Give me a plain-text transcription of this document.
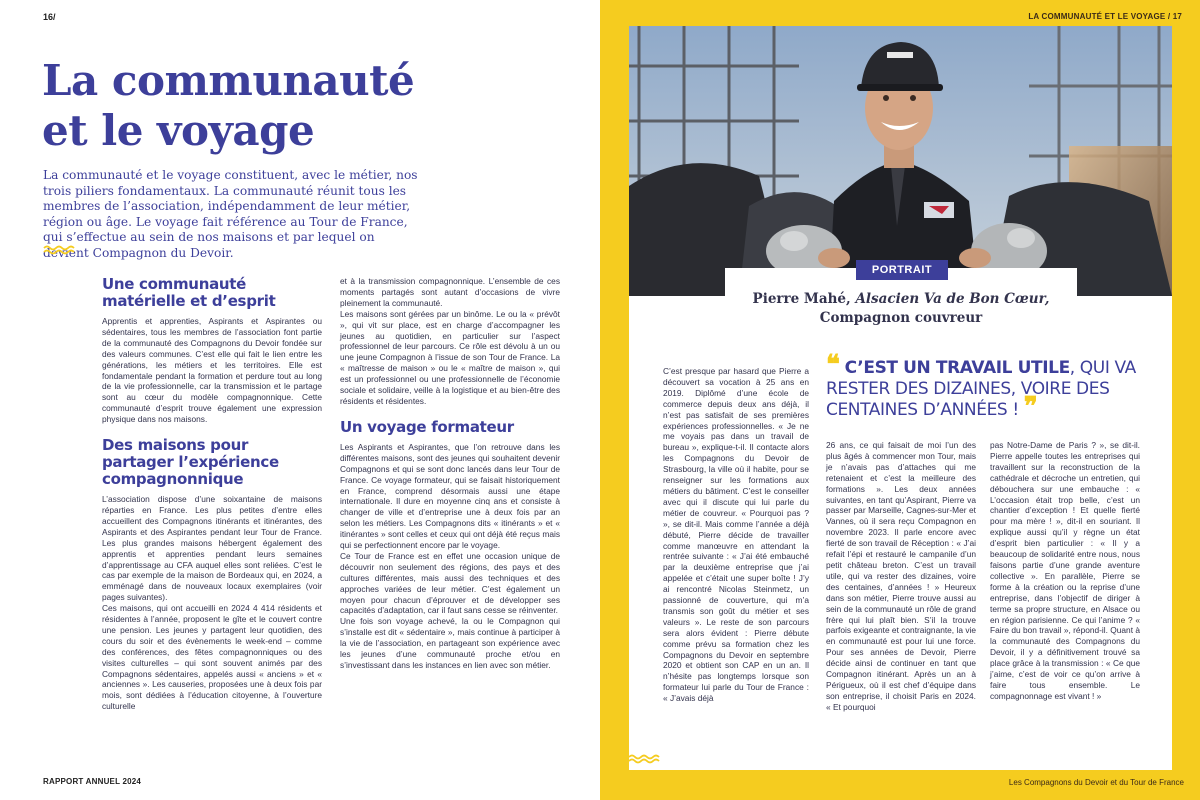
16/
La communauté
et le voyage

La communauté et le voyage constituent, avec le métier, nos trois piliers fondamentaux. La communauté réunit tous les membres de l’association, indépendamment de leur métier, région ou âge. Le voyage fait référence au Tour de France, qui s’effectue au sein de nos maisons et par lequel on devient Compagnon du Devoir.

Une communauté matérielle et d’esprit

Apprentis et apprenties, Aspirants et Aspirantes ou sédentaires, tous les membres de l’association font partie de la communauté des Compagnons du Devoir fondée sur des valeurs communes. C’est elle qui fait le lien entre les générations, les métiers et les territoires. Elle est fondamentale pendant la formation et perdure tout au long de la vie professionnelle, car la transmission et le partage sont au cœur du modèle compagnonnique. Cette communauté d’esprit trouve également une expression physique dans nos maisons.

Des maisons pour partager l’expérience compagnonnique

L’association dispose d’une soixantaine de maisons réparties en France. Les plus petites d’entre elles accueillent des Compagnons itinérants et itinérantes, des Aspirants et des Aspirantes pendant leur Tour de France. Les plus grandes maisons hébergent également des apprentis et apprenties pendant leurs semaines d’apprentissage au CFA auquel elles sont reliées. C’est le cas par exemple de la maison de Bordeaux qui, en 2024, a emménagé dans de nouveaux locaux exemplaires (voir pages suivantes).

Ces maisons, qui ont accueilli en 2024 4 414 résidents et résidentes à l’année, proposent le gîte et le couvert contre une pension. Les jeunes y partagent leur quotidien, des cours du soir et des évènements le week-end – comme des conférences, des fêtes compagnonniques ou des visites culturelles – qui sont souvent animés par des Compagnons sédentaires, appelés aussi « anciens » et « anciennes ». Les causeries, proposées une à deux fois par mois, sont dédiées à l’éducation citoyenne, à l’ouverture culturelle

et à la transmission compagnonnique. L’ensemble de ces moments partagés sont autant d’occasions de vivre pleinement la communauté.

Les maisons sont gérées par un binôme. Le ou la « prévôt », qui vit sur place, est en charge d’accompagner les jeunes au quotidien, en particulier sur l’aspect professionnel de leur parcours. Ce rôle est dévolu à un ou une jeune Compagnon à l’issue de son Tour de France. La « maîtresse de maison » ou le « maître de maison », qui est un professionnel ou une professionnelle de l’économie sociale et solidaire, veille à la logistique et au bien-être des résidents et résidentes.

Un voyage formateur

Les Aspirants et Aspirantes, que l’on retrouve dans les différentes maisons, sont des jeunes qui souhaitent devenir Compagnons et qui se sont donc lancés dans leur Tour de France. Ce voyage formateur, qui se faisait historiquement en France, comprend désormais aussi une étape internationale. Il dure en moyenne cinq ans et consiste à changer de ville et d’entreprise une à deux fois par an selon les métiers. Les Compagnons dits « itinérants » et « itinérantes » sont celles et ceux qui ont déjà été reçus mais qui se perfectionnent encore par le voyage.

Ce Tour de France est en effet une occasion unique de découvrir non seulement des régions, des pays et des cultures différentes, mais aussi des techniques et des approches variées de leur métier. C’est également un moyen pour chacun d’éprouver et de développer ses capacités d’adaptation, car il faut sans cesse se réinventer.

Une fois son voyage achevé, la ou le Compagnon qui s’installe est dit « sédentaire », mais continue à participer à la vie de l’association, en partageant son expérience avec les jeunes d’une communauté proche et/ou en s’investissant dans les instances en lien avec son métier.

RAPPORT ANNUEL 2024
LA COMMUNAUTÉ ET LE VOYAGE / 17
Les Compagnons du Devoir et du Tour de France
PORTRAIT
Pierre Mahé, Alsacien Va de Bon Cœur,
Compagnon couvreur
❝ C’EST UN TRAVAIL UTILE, QUI VA RESTER DES DIZAINES, VOIRE DES CENTAINES D’ANNÉES ! ❞
C’est presque par hasard que Pierre a découvert sa vocation à 25 ans en 2019. Diplômé d’une école de commerce depuis deux ans déjà, il n’est pas satisfait de ses premières expériences professionnelles. « Je ne me voyais pas dans un travail de bureau », explique-t-il. Il contacte alors les Compagnons du Devoir de Strasbourg, la ville où il habite, pour se renseigner sur les formations aux métiers du bâtiment. C’est le conseiller avec qui il discute qui lui parle du métier de couvreur. « Pourquoi pas ? », se dit-il. Mais comme l’année a déjà débuté, Pierre décide de travailler comme manœuvre en attendant la rentrée suivante : « J’ai été embauché par la deuxième entreprise que j’ai appelée et c’était une super boîte ! J’y ai rencontré Nicolas Steinmetz, un passionné de couverture, qui m’a transmis son goût du métier et ses valeurs ». Le reste de son parcours sera alors évident : Pierre débute comme prévu sa formation chez les Compagnons du Devoir en septembre 2020 et obtient son CAP en un an. Il n’hésite pas longtemps lorsque son formateur lui parle du Tour de France : « J’avais déjà
26 ans, ce qui faisait de moi l’un des plus âgés à commencer mon Tour, mais je n’avais pas d’attaches qui me retenaient et c’est la meilleure des formations ». Les deux années suivantes, en tant qu’Aspirant, Pierre va passer par Marseille, Cagnes-sur-Mer et Vannes, où il sera reçu Compagnon en novembre 2023. Il parle encore avec fierté de son travail de Réception : « J’ai refait l’épi et restauré le campanile d’un petit château breton. C’est un travail utile, qui va rester des dizaines, voire des centaines, d’années ! » Heureux dans son métier, Pierre trouve aussi au sein de la communauté un rôle de grand frère qui lui plaît bien. S’il la trouve parfois exigeante et contraignante, la vie en communauté est pour lui une force. Pour ses années de Devoir, Pierre décide ainsi de continuer en tant que Compagnon itinérant. Après un an à Périgueux, où il est chef d’équipe dans son entreprise, il choisit Paris en 2024. « Et pourquoi
pas Notre-Dame de Paris ? », se dit-il. Pierre appelle toutes les entreprises qui travaillent sur la reconstruction de la cathédrale et décroche un entretien, qui débouchera sur une embauche : « L’occasion était trop belle, c’est un chantier d’exception ! Et quelle fierté pour ma mère ! », dit-il en souriant. Il explique aussi qu’il y règne un état d’esprit bien particulier : « Il y a beaucoup de solidarité entre nous, nous faisons partie d’une grande aventure collective ». En parallèle, Pierre se forme à la création ou la reprise d’une entreprise, dans l’objectif de diriger à terme sa propre structure, en Alsace ou en région parisienne. Ce qui l’anime ? « Faire du bon travail », répond-il. Quant à la communauté des Compagnons du Devoir, il y a définitivement trouvé sa place grâce à la transmission : « Ce que j’aime, c’est de voir ce qu’on arrive à faire tous ensemble. Le compagnonnage est vivant ! »
